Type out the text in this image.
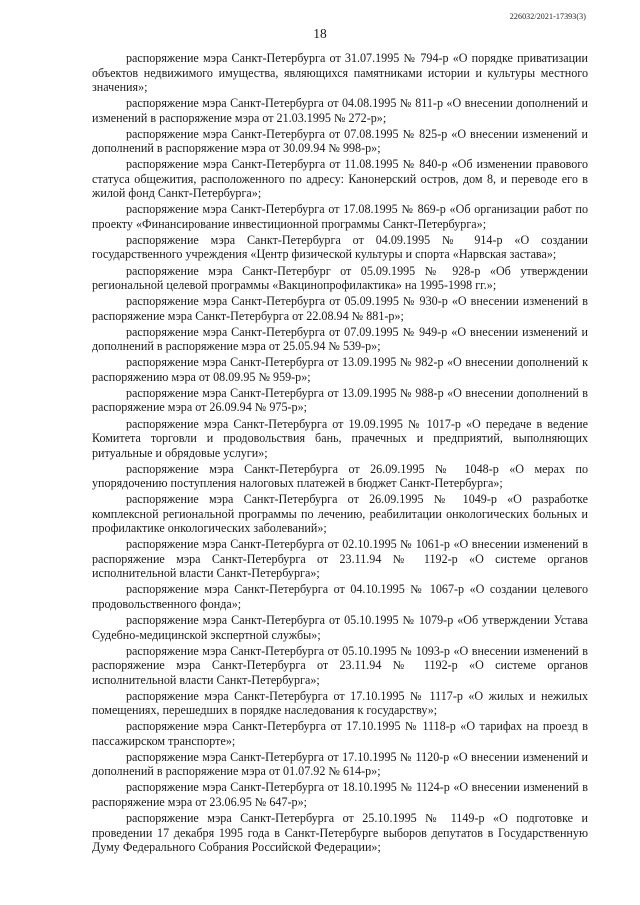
226032/2021-17393(3)
18

распоряжение мэра Санкт-Петербурга от 31.07.1995 № 794-р «О порядке приватизации объектов недвижимого имущества, являющихся памятниками истории и культуры местного значения»;

распоряжение мэра Санкт-Петербурга от 04.08.1995 № 811-р «О внесении дополнений и изменений в распоряжение мэра от 21.03.1995 № 272-р»;

распоряжение мэра Санкт-Петербурга от 07.08.1995 № 825-р «О внесении изменений и дополнений в распоряжение мэра от 30.09.94 № 998-р»;

распоряжение мэра Санкт-Петербурга от 11.08.1995 № 840-р «Об изменении правового статуса общежития, расположенного по адресу: Канонерский остров, дом 8, и переводе его в жилой фонд Санкт-Петербурга»;

распоряжение мэра Санкт-Петербурга от 17.08.1995 № 869-р «Об организации работ по проекту «Финансирование инвестиционной программы Санкт-Петербурга»;

распоряжение мэра Санкт-Петербурга от 04.09.1995 № 914-р «О создании государственного учреждения «Центр физической культуры и спорта «Нарвская застава»;

распоряжение мэра Санкт-Петербург от 05.09.1995 № 928-р «Об утверждении региональной целевой программы «Вакцинопрофилактика» на 1995-1998 гг.»;

распоряжение мэра Санкт-Петербурга от 05.09.1995 № 930-р «О внесении изменений в распоряжение мэра Санкт-Петербурга от 22.08.94 № 881-р»;

распоряжение мэра Санкт-Петербурга от 07.09.1995 № 949-р «О внесении изменений и дополнений в распоряжение мэра от 25.05.94 № 539-р»;

распоряжение мэра Санкт-Петербурга от 13.09.1995 № 982-р «О внесении дополнений к распоряжению мэра от 08.09.95 № 959-р»;

распоряжение мэра Санкт-Петербурга от 13.09.1995 № 988-р «О внесении дополнений в распоряжение мэра от 26.09.94 № 975-р»;

распоряжение мэра Санкт-Петербурга от 19.09.1995 № 1017-р «О передаче в ведение Комитета торговли и продовольствия бань, прачечных и предприятий, выполняющих ритуальные и обрядовые услуги»;

распоряжение мэра Санкт-Петербурга от 26.09.1995 № 1048-р «О мерах по упорядочению поступления налоговых платежей в бюджет Санкт-Петербурга»;

распоряжение мэра Санкт-Петербурга от 26.09.1995 № 1049-р «О разработке комплексной региональной программы по лечению, реабилитации онкологических больных и профилактике онкологических заболеваний»;

распоряжение мэра Санкт-Петербурга от 02.10.1995 № 1061-р «О внесении изменений в распоряжение мэра Санкт-Петербурга от 23.11.94 № 1192-р «О системе органов исполнительной власти Санкт-Петербурга»;

распоряжение мэра Санкт-Петербурга от 04.10.1995 № 1067-р «О создании целевого продовольственного фонда»;

распоряжение мэра Санкт-Петербурга от 05.10.1995 № 1079-р «Об утверждении Устава Судебно-медицинской экспертной службы»;

распоряжение мэра Санкт-Петербурга от 05.10.1995 № 1093-р «О внесении изменений в распоряжение мэра Санкт-Петербурга от 23.11.94 № 1192-р «О системе органов исполнительной власти Санкт-Петербурга»;

распоряжение мэра Санкт-Петербурга от 17.10.1995 № 1117-р «О жилых и нежилых помещениях, перешедших в порядке наследования к государству»;

распоряжение мэра Санкт-Петербурга от 17.10.1995 № 1118-р «О тарифах на проезд в пассажирском транспорте»;

распоряжение мэра Санкт-Петербурга от 17.10.1995 № 1120-р «О внесении изменений и дополнений в распоряжение мэра от 01.07.92 № 614-р»;

распоряжение мэра Санкт-Петербурга от 18.10.1995 № 1124-р «О внесении изменений в распоряжение мэра от 23.06.95 № 647-р»;

распоряжение мэра Санкт-Петербурга от 25.10.1995 № 1149-р «О подготовке и проведении 17 декабря 1995 года в Санкт-Петербурге выборов депутатов в Государственную Думу Федерального Собрания Российской Федерации»;
